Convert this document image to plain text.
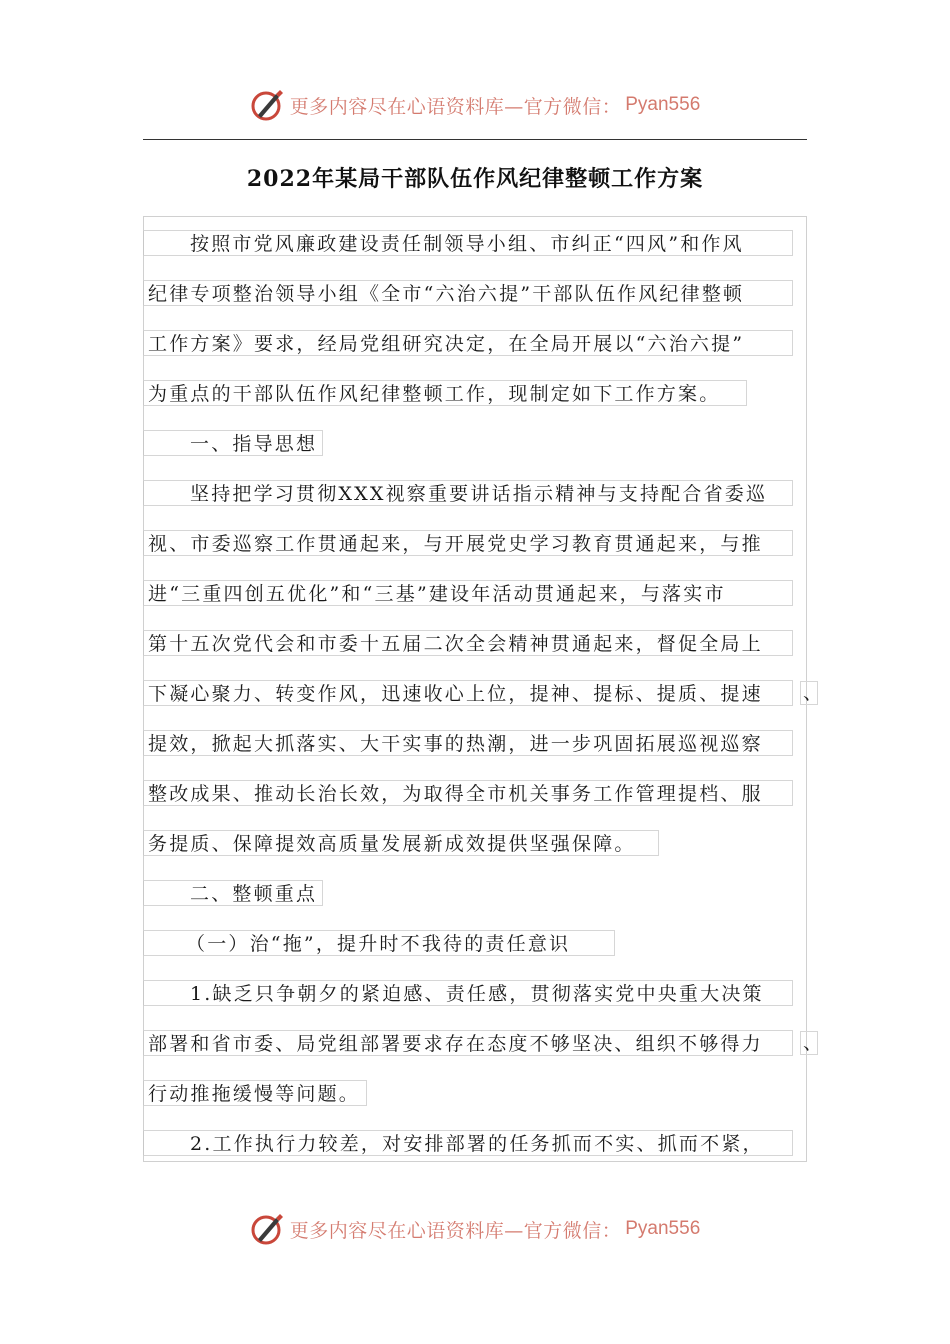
更多内容尽在心语资料库—官方微信： Pyan556
2022年某局干部队伍作风纪律整顿工作方案
按照市党风廉政建设责任制领导小组、市纠正“四风”和作风
纪律专项整治领导小组《全市“六治六提”干部队伍作风纪律整顿
工作方案》要求，经局党组研究决定，在全局开展以“六治六提”
为重点的干部队伍作风纪律整顿工作，现制定如下工作方案。
一、指导思想
坚持把学习贯彻XXX视察重要讲话指示精神与支持配合省委巡
视、市委巡察工作贯通起来，与开展党史学习教育贯通起来，与推
进“三重四创五优化”和“三基”建设年活动贯通起来，与落实市
第十五次党代会和市委十五届二次全会精神贯通起来，督促全局上
下凝心聚力、转变作风，迅速收心上位，提神、提标、提质、提速	、
提效，掀起大抓落实、大干实事的热潮，进一步巩固拓展巡视巡察
整改成果、推动长治长效，为取得全市机关事务工作管理提档、服
务提质、保障提效高质量发展新成效提供坚强保障。
二、整顿重点
（一）治“拖”，提升时不我待的责任意识
1.缺乏只争朝夕的紧迫感、责任感，贯彻落实党中央重大决策
部署和省市委、局党组部署要求存在态度不够坚决、组织不够得力	、
行动推拖缓慢等问题。
2.工作执行力较差，对安排部署的任务抓而不实、抓而不紧，
更多内容尽在心语资料库—官方微信： Pyan556
